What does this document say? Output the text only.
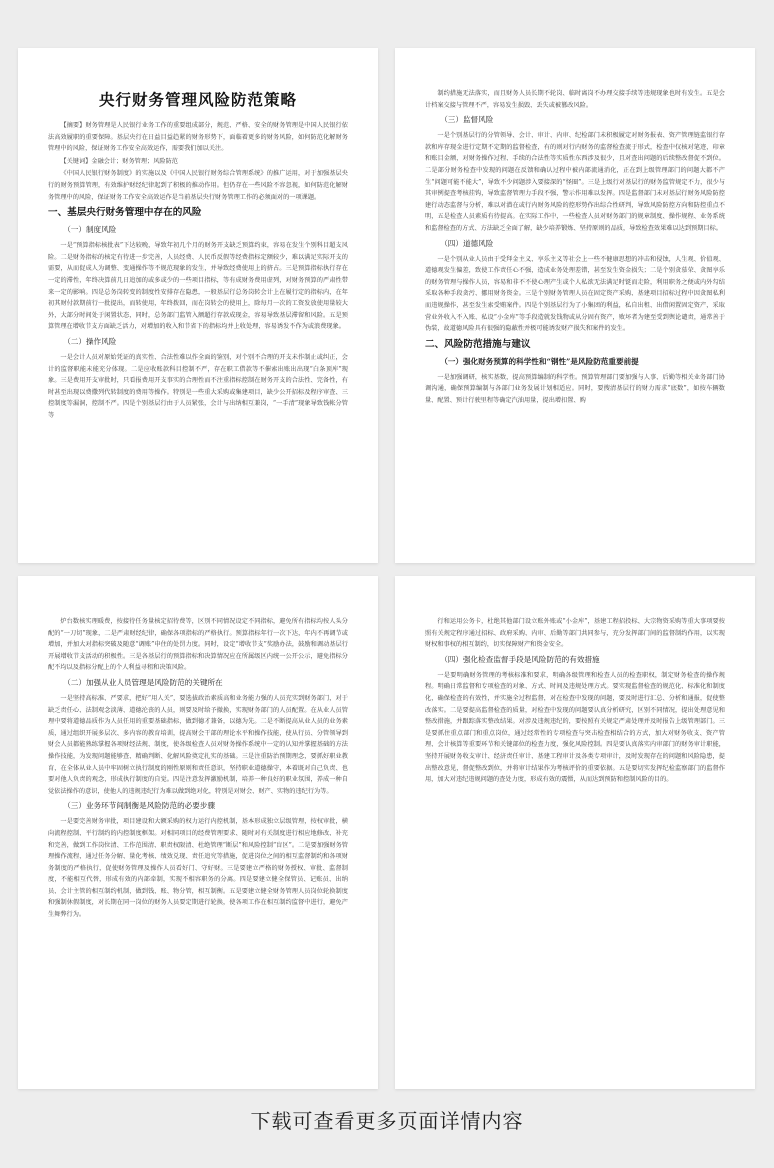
央行财务管理风险防范策略
【摘要】财务管理是人民银行业务工作的重要组成部分，规范、严格、安全的财务管理是中国人民银行依法高效履职的重要保障。基层央行在日益目益趋紧的财务形势下，面临着更多的财务风险，如何防范化解财务管理中的风险，保证财务工作安全高效运作，需要我们加以关注。
【关键词】金融会计；财务管理；风险防范
《中国人民银行财务制度》的实施以及《中国人民银行财务综合管理系统》的推广运用，对于加强基层央行的财务预算管理，有效维护财经纪律起到了积极的推动作用。但仍存在一些风险不容忽视，如何防范化解财务管理中的风险，保证财务工作安全高效运作是当前基层央行财务管理工作的必须面对的一项课题。
一、基层央行财务管理中存在的风险
（一）制度风险
一是“预算指标核批表”下达较晚，导致年初几个月的财务开支缺乏预算约束，容易在发生个别科目超支风险。二是财务指标的核定有待进一步完善，人员经费、人民币反假等经费指标定额较少，难以满足实际开支的需要，从而促成人为调整、变通操作等不规范现象的发生，并导致经费使用上的挤占。三是预算指标执行存在一定的滞性，年终决算前几日追加的或多或少的一些项目指标，等有成财务费用虚列，对财务预算的严肃性带来一定的影响。四是总务岗转变的制度性安排存在隐患，一般基层行总务岗转会计上在履行定的指标内，在年初其财付款期前行一批提出，而转使用，年终拨回，而在岗转会的使用上，除每月一次的工资发放使用量较大外，大部分时间处于闲置状态，同时，总务部门监管入额超行存款成现金，容易导致基层滞留和风险。五是预算管理在增收节支方面缺乏活力，对增加的收入和节省下的指标均并上收处理，容易诱发不作为或浪费现象。
（二）操作风险
一是会计人员对原始凭证的真实性、合法性难以作全面的鉴别，对个别不合理的开支未作制止或纠正，会计的监督职能未能充分体现。二是应收账款科目控制不严，存在职工借款等不催索出账出出现“白条顶库”现象。三是费用开支审批时，只看报费用开支事实的合理性而不注重指标控制在财务开支的合法性、完备性，有时甚至出现以费撒列代转制度的费用等操作。特别是一些重大采购或集建项目，缺少公开招标及程序审查、三控制度等漏洞，控制不严。四是个别基层行由于人员紧张，会计与出纳相互兼岗，“一手清”现象导致钱帐分管等
制约措施无法落实，而且财务人员长期不轮岗、临时离岗不办理交接手续等违规现象也时有发生。五是会计档案交接与管理不严，容易发生损毁、丢失或被篡改风险。
（三）监督风险
一是个别基层行的分管领导、会计、审计、内审、纪检部门未积极履定对财务报表、资产管理链监银行存款和库存现金进行定期不定期的监督检查，有的则对行内财务的监督检查流于形式，检查中仅核对笔迹，印章和账目金额，对财务操作过程、手续的合法性等实质性东西涉及很少，且对查出问题的后续整改督促不到位。二是部分财务检查中发现的问题在反馈和确认过程中被内部流通消化，正在到上级管理部门的问题大都不产生“问题可能不能大”，导致不少问题涉入要接深的“怪圈”。三是上级行对基层行的财务监管规定不力，很少与其审例提查考核挂钩，导致监督管理力手段不强，警示作用难以发挥。四是监督部门未对基层行财务风险防控建行动态监督与分析，难以对潜在或行内财务风险的控形势作出综合性研判，导致风险防控方向和防控重点不明，五是检查人员素质有待提高。在实际工作中，一些检查人员对财务部门的规章制度、操作规程、业务系统和监督检查的方式、方法缺乏全面了解，缺少培养锻炼、坚持原则的品质，导致检查效果难以达到预期目标。
（四）道德风险
一是个别从业人员由于受拜金主义、享乐主义等社会上一些不健康思想的冲击和侵蚀，人生观、价值观、道德观发生偏差，致使工作责任心不强，造成业务处理差错，甚至发生资金损失；二是个别贪慕荣、贪图享乐的财务管理与操作人员，容易和非不不使心理产生或个人私欲无法满足时铤而走险，利用职务之便或内外勾结采取各种手段贪污、挪用财务资金。三是个别财务管理人员在固定资产采购、基建项目招标过程中因贪图私利而违规操作，甚至发生索受贿案件。四是个别基层行为了小集团的利益，私自出租、出借闲置固定资产，采取营业外收入不入账、私设“小金库”等手段造就发钱物或从分固有资产，败坏者为建至受到舆论谴责，通常善于伪装，故道德风险具有很强的隐蔽性并极可能诱发财产损失和案件的发生。
二、风险防范措施与建议
（一）强化财务预算的科学性和“钢性”是风险防范重要前提
一是加强调研，核实基数，提高预算编制的科学性。预算管理部门要加强与人事、后勤等相关业务部门协调沟通，确保预算编制与各部门业务发展计划相适应。同时，要搜清基层行的财力需求“底数”，如按车辆数量、配置、预计行驶里程等确定汽油用量，提出增扣置、购
炉台数核实理暖费，按接待任务量核定招待费等，区别不同情况设定不同指标，避免所有指标均按人头分配的“一刀切”现象，二是严肃财经纪律，确保各项指标的严格执行。预算指标年行一次下达，年内不再调节或增加，并加大对指标突破及随意“调账”申住的处罚力度。同时，设定“增收节支”奖励办法，鼓励和调动基层行开展增收节支活动的积极性。三是各基层行的预算指标和决算情况应在所属级区内统一公开公示，避免指标分配不均以及指标分配上的个人利益寻租和决策风险。
（二）加强从业人员管理是风险防范的关键所在
一是坚持高标准、严要求，把好“用人关”，要选拔政治素质高和业务能力强的人员充实到财务部门，对于缺乏责任心、法制观念淡薄、道德沦丧的人员，则要及时给予撤换，实现财务部门的人员配置。在从业人员管理中要将道德品质作为人员任用的重要基础指标，做到德才兼备，以德为先。二是不断提高从业人员的业务素质，通过组织开展多层次、多内容的教育培训，提高财会干部的理论水平和操作技能，使从行员、分管领导到财会人员都能熟练掌握各项财经法规、制度，使各级检查人员对财务操作系统中一定的认知并掌握基础的方法操作技能，为发现问题能够查、精确判断、化解风险奠定扎实的基础。三是注重防治预期理念，要抓好职业教育，在全体从业人员中牢固树立执行制度的刚性原则和责任意识，坚持职业道德操守，本着既对自己负责、也要对他人负责的观念，形成执行制度的自觉。四是注意发挥激励机制，培养一种良好的职业氛围，养成一种自觉依法操作的意识，使他人的违规违纪行为难以做到绝对化，特别是对财会、财产、实物的违纪行为等。
（三）业务环节间制衡是风险防范的必要步骤
一是要完善财务审批，项目建设和大额采购的权力运行内控机制，基本形成独立层级管理，按权审批，横向流程控制、平行制约的内控制度框架。对相同项目的经费管理要求、随时对有关制度进行相应地修改、补充和完善，做到工作岗位清、工作范围清、职责权限清、杜绝管理“断层”和风险控制“盲区”。二是要加强财务管理操作流程，通过任务分解、量化考核、绩效兑现、责任追究等措施，促进岗位之间的相互监督制约和各项财务制度的严格执行，促使财务管理及操作人员看好门、守好财。三是要建立严格的财务授权、审批、监督制度，不能相互代替，形成有效的内部牵制，实现不相容职务的分离。四是要建立健全保管员、记账员、出纳员、会计主管的相互制约机制，做到钱、账、物分管，相互制衡。五是要建立健全财务管理人员岗位轮换制度和强制休假制度，对长期在同一岗位的财务人员要定期进行轮换，使各项工作在相互制约监督中进行，避免产生舞弊行为。
行和运用公务卡，杜绝其他部门设立账外账或“小金库”，基建工程招投标、大宗物资采购等重大事项要按照有关规定程序通过招标、政府采购、内审、后勤等部门共同参与，充分发挥部门间的监督制约作用，以实现财权和事权的相互制约，切实保障财产和资金安全。
（四）强化检查监督手段是风险防范的有效措施
一是要明确财务管理的考核标准和要求，明确各级管理和检查人员的检查职权，制定财务检查的操作规程。明确日常监督和专项检查的对象、方式、时间及违规处理方式。要实现监督检查的规范化、标准化和制度化，确保检查的有效性，并实施全过程监督，对在检查中发现的问题，要及时进行汇总、分析和通报，促使整改落实。二是要提高监督检查的质量，对检查中发现的问题要认真分析研究，区别不同情况，提出处理意见和整改措施，并跟踪落实整改结果。对涉及违规违纪的，要按照有关规定严肃处理并及时报告上级管理部门。三是要抓住重点部门和重点岗位，通过经常性的专项检查与突击检查相结合的方式，加大对财务收支、资产管理、会计核算等重要环节和关键部位的检查力度，强化风险控制。四是要认真落实内审部门的财务审计职能，坚持开展财务收支审计、经济责任审计、基建工程审计及各类专项审计，及时发现存在的问题和风险隐患，提出整改意见，督促整改到位，并将审计结果作为考核评价的重要依据。五是要切实发挥纪检监察部门的监督作用，加大对违纪违规问题的查处力度，形成有效的震慑，从而达到预防和控制风险的目的。
下载可查看更多页面详情内容
